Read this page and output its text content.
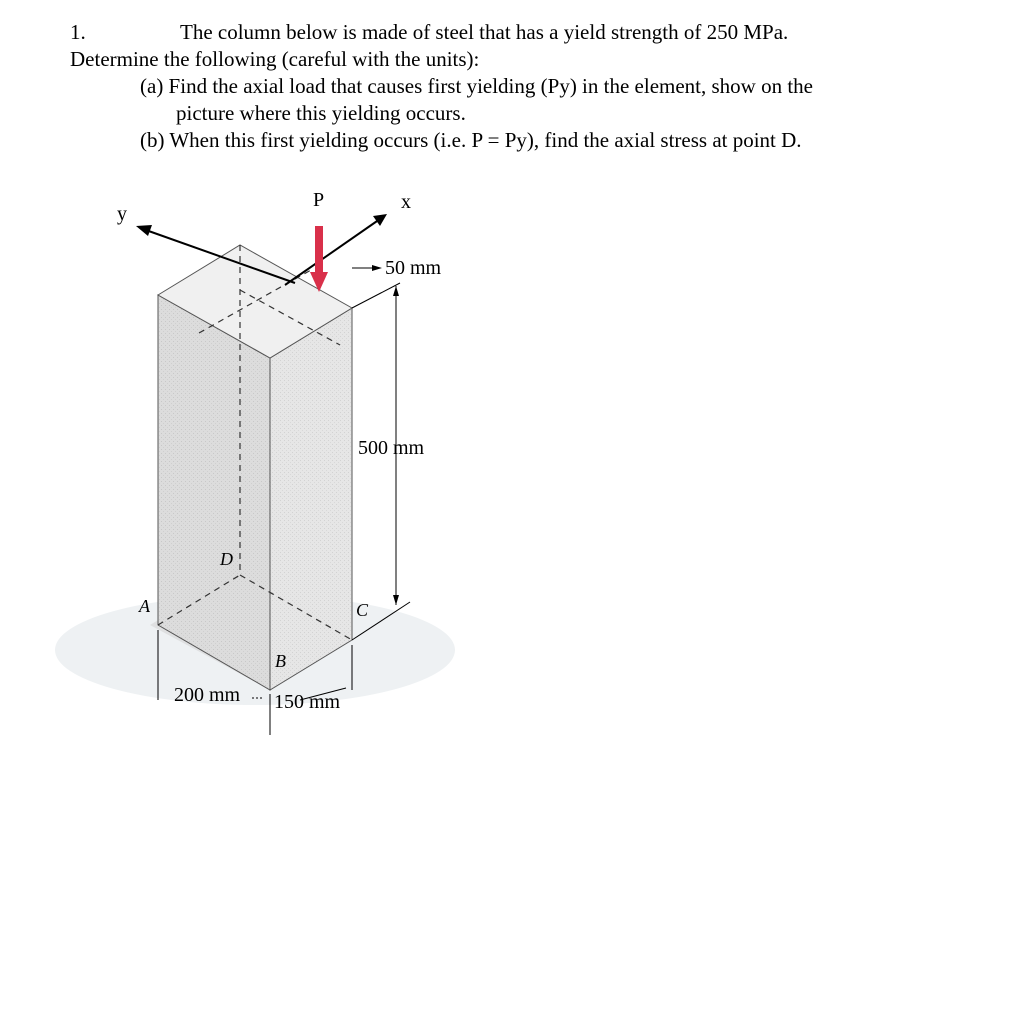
1.	The column below is made of steel that has a yield strength of 250 MPa.
Determine the following (careful with the units):
(a) Find the axial load that causes first yielding (Py) in the element, show on the
picture where this yielding occurs.
(b) When this first yielding occurs (i.e. P = Py), find the axial stress at point D.
P	x
y
50 mm
500 mm
200 mm 150 mm
A
B
C
D
